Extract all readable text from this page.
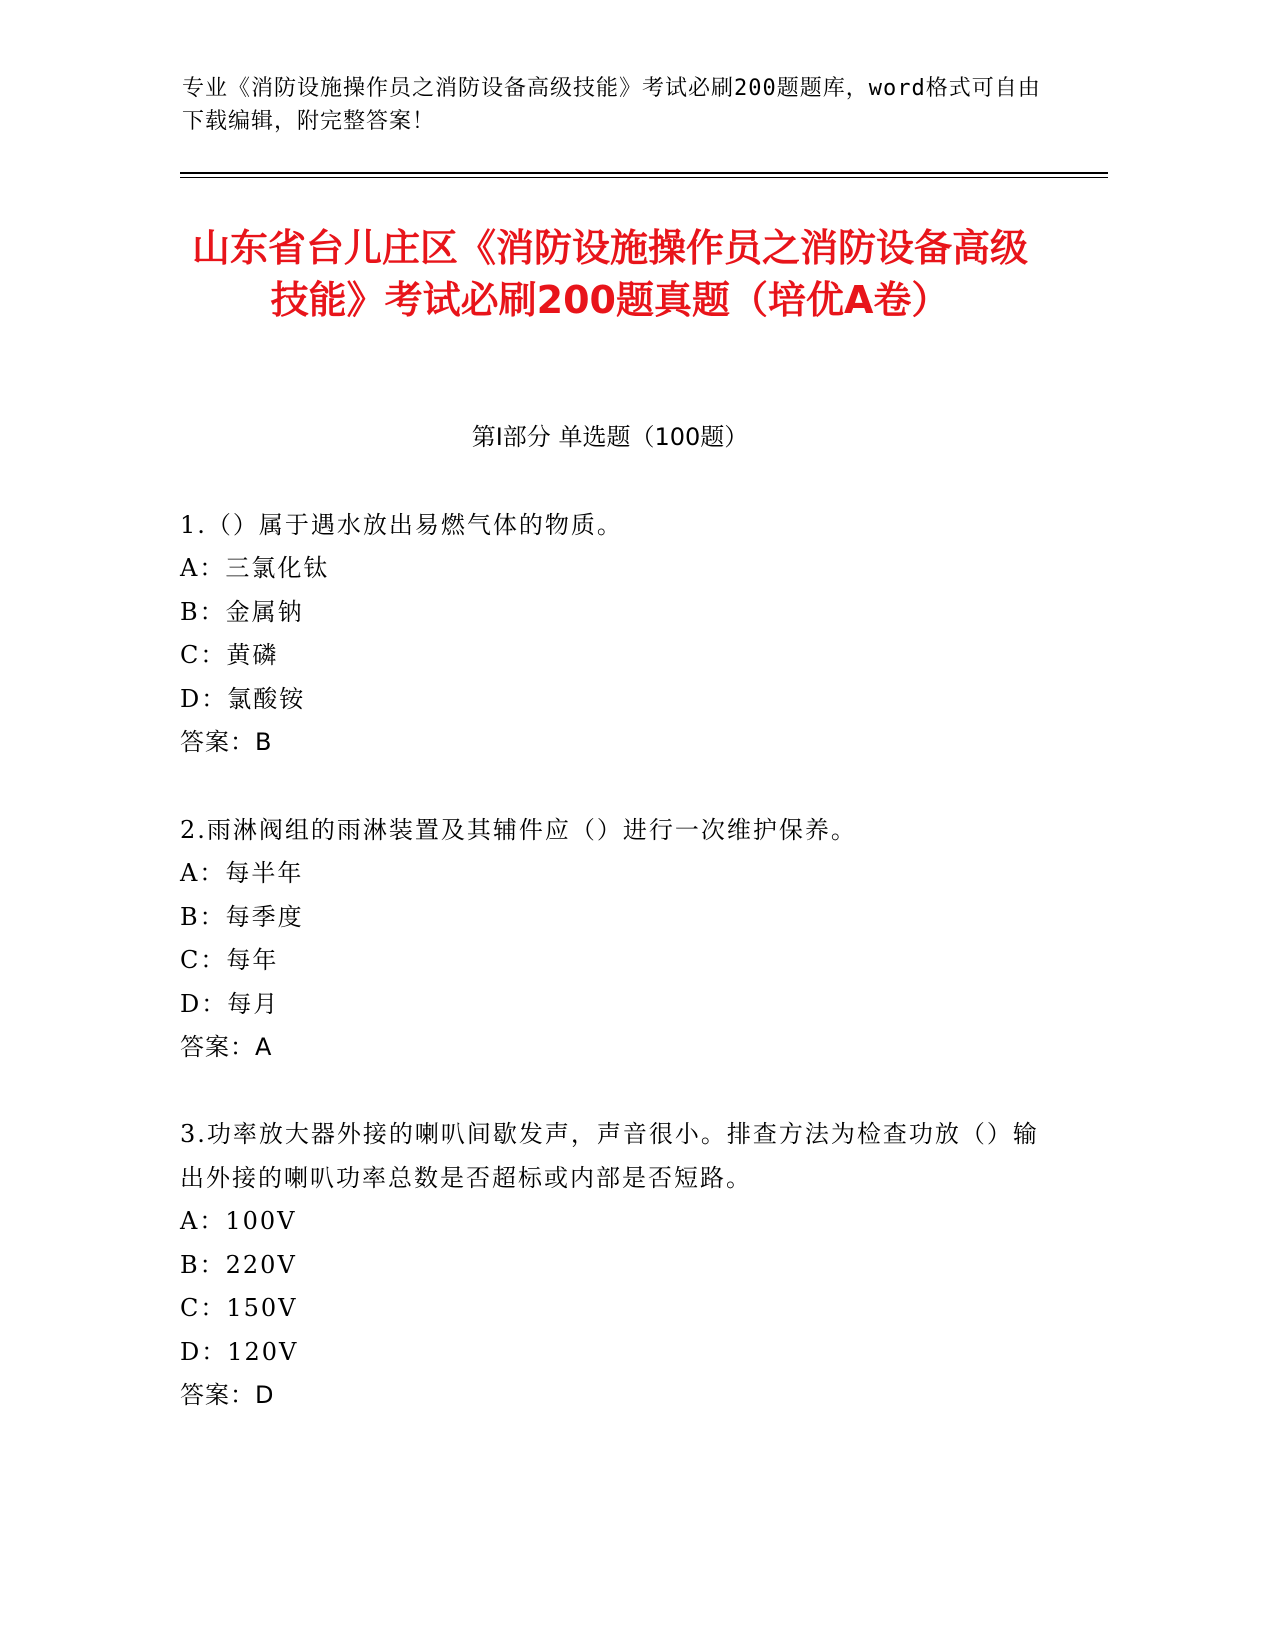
专业《消防设施操作员之消防设备高级技能》考试必刷200题题库，word格式可自由下载编辑，附完整答案！
山东省台儿庄区《消防设施操作员之消防设备高级技能》考试必刷200题真题（培优A卷）
第I部分 单选题（100题）
1.（）属于遇水放出易燃气体的物质。
A：三氯化钛
B：金属钠
C：黄磷
D：氯酸铵
答案：B
2.雨淋阀组的雨淋装置及其辅件应（）进行一次维护保养。
A：每半年
B：每季度
C：每年
D：每月
答案：A
3.功率放大器外接的喇叭间歇发声，声音很小。排查方法为检查功放（）输出外接的喇叭功率总数是否超标或内部是否短路。
A：100V
B：220V
C：150V
D：120V
答案：D
